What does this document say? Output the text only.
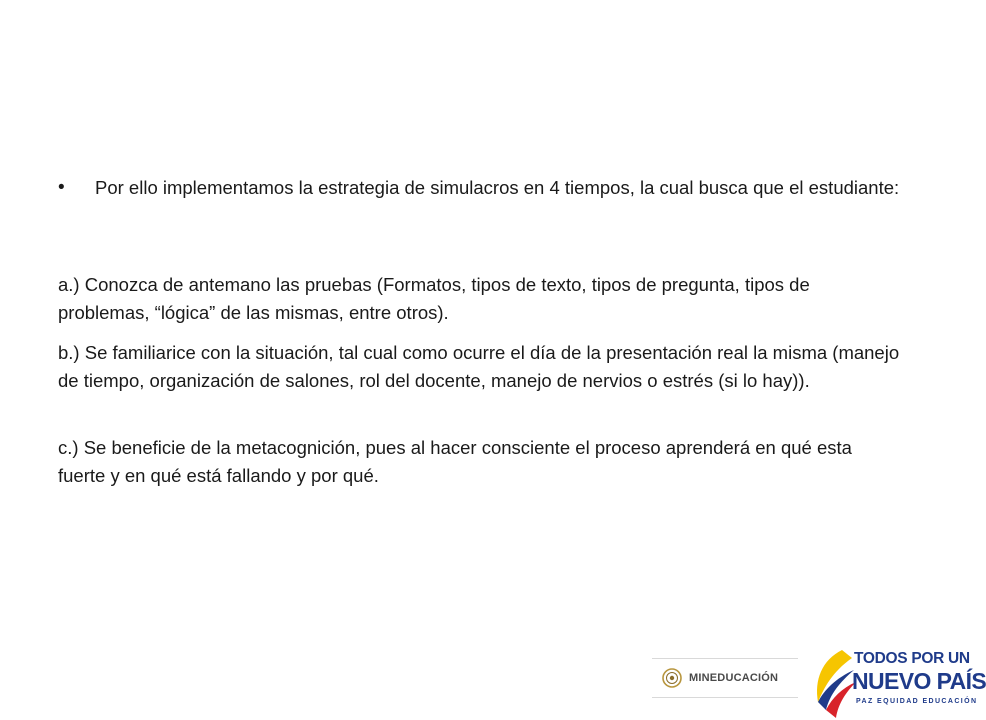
•	Por ello implementamos la estrategia de simulacros en 4 tiempos, la cual busca que el estudiante:

a.) Conozca de antemano las pruebas (Formatos, tipos de texto, tipos de pregunta, tipos de problemas, “lógica” de las mismas, entre otros).

b.) Se familiarice con la situación, tal cual como ocurre el día de la presentación real la misma (manejo de tiempo, organización de salones, rol del docente, manejo de nervios o estrés (si lo hay)).

c.) Se beneficie de la metacognición, pues al hacer consciente el proceso aprenderá en qué esta fuerte y en qué está fallando y por qué.

MINEDUCACIÓN
TODOS POR UN
NUEVO PAÍS
PAZ EQUIDAD EDUCACIÓN
